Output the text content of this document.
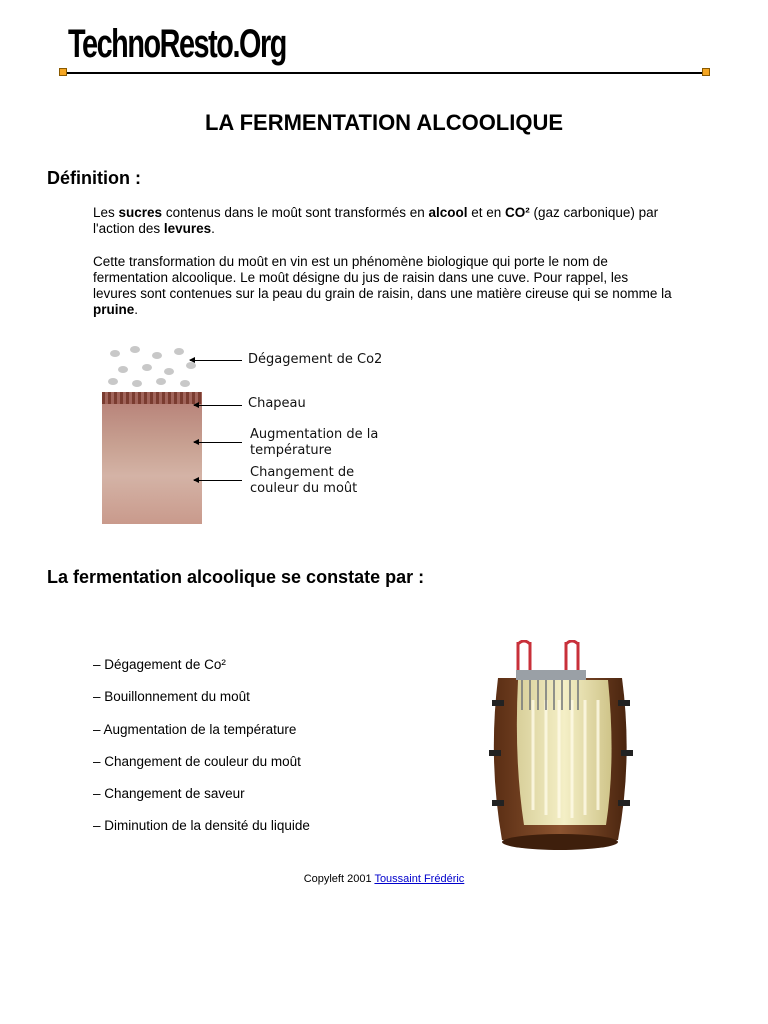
TechnoResto.Org
LA FERMENTATION ALCOOLIQUE
Définition :

Les sucres contenus dans le moût sont transformés en alcool et en CO² (gaz carbonique) par l'action des levures.

Cette transformation du moût en vin est un phénomène biologique qui porte le nom de fermentation alcoolique. Le moût désigne du jus de raisin dans une cuve. Pour rappel, les levures sont contenues sur la peau du grain de raisin, dans une matière cireuse qui se nomme la pruine.

Dégagement de Co2
Chapeau
Augmentation de la température
Changement de couleur du moût
La fermentation alcoolique se constate par :
– Dégagement de Co²
– Bouillonnement du moût
– Augmentation de la température
– Changement de couleur du moût
– Changement de saveur
– Diminution de la densité du liquide
Copyleft 2001 Toussaint Frédéric
